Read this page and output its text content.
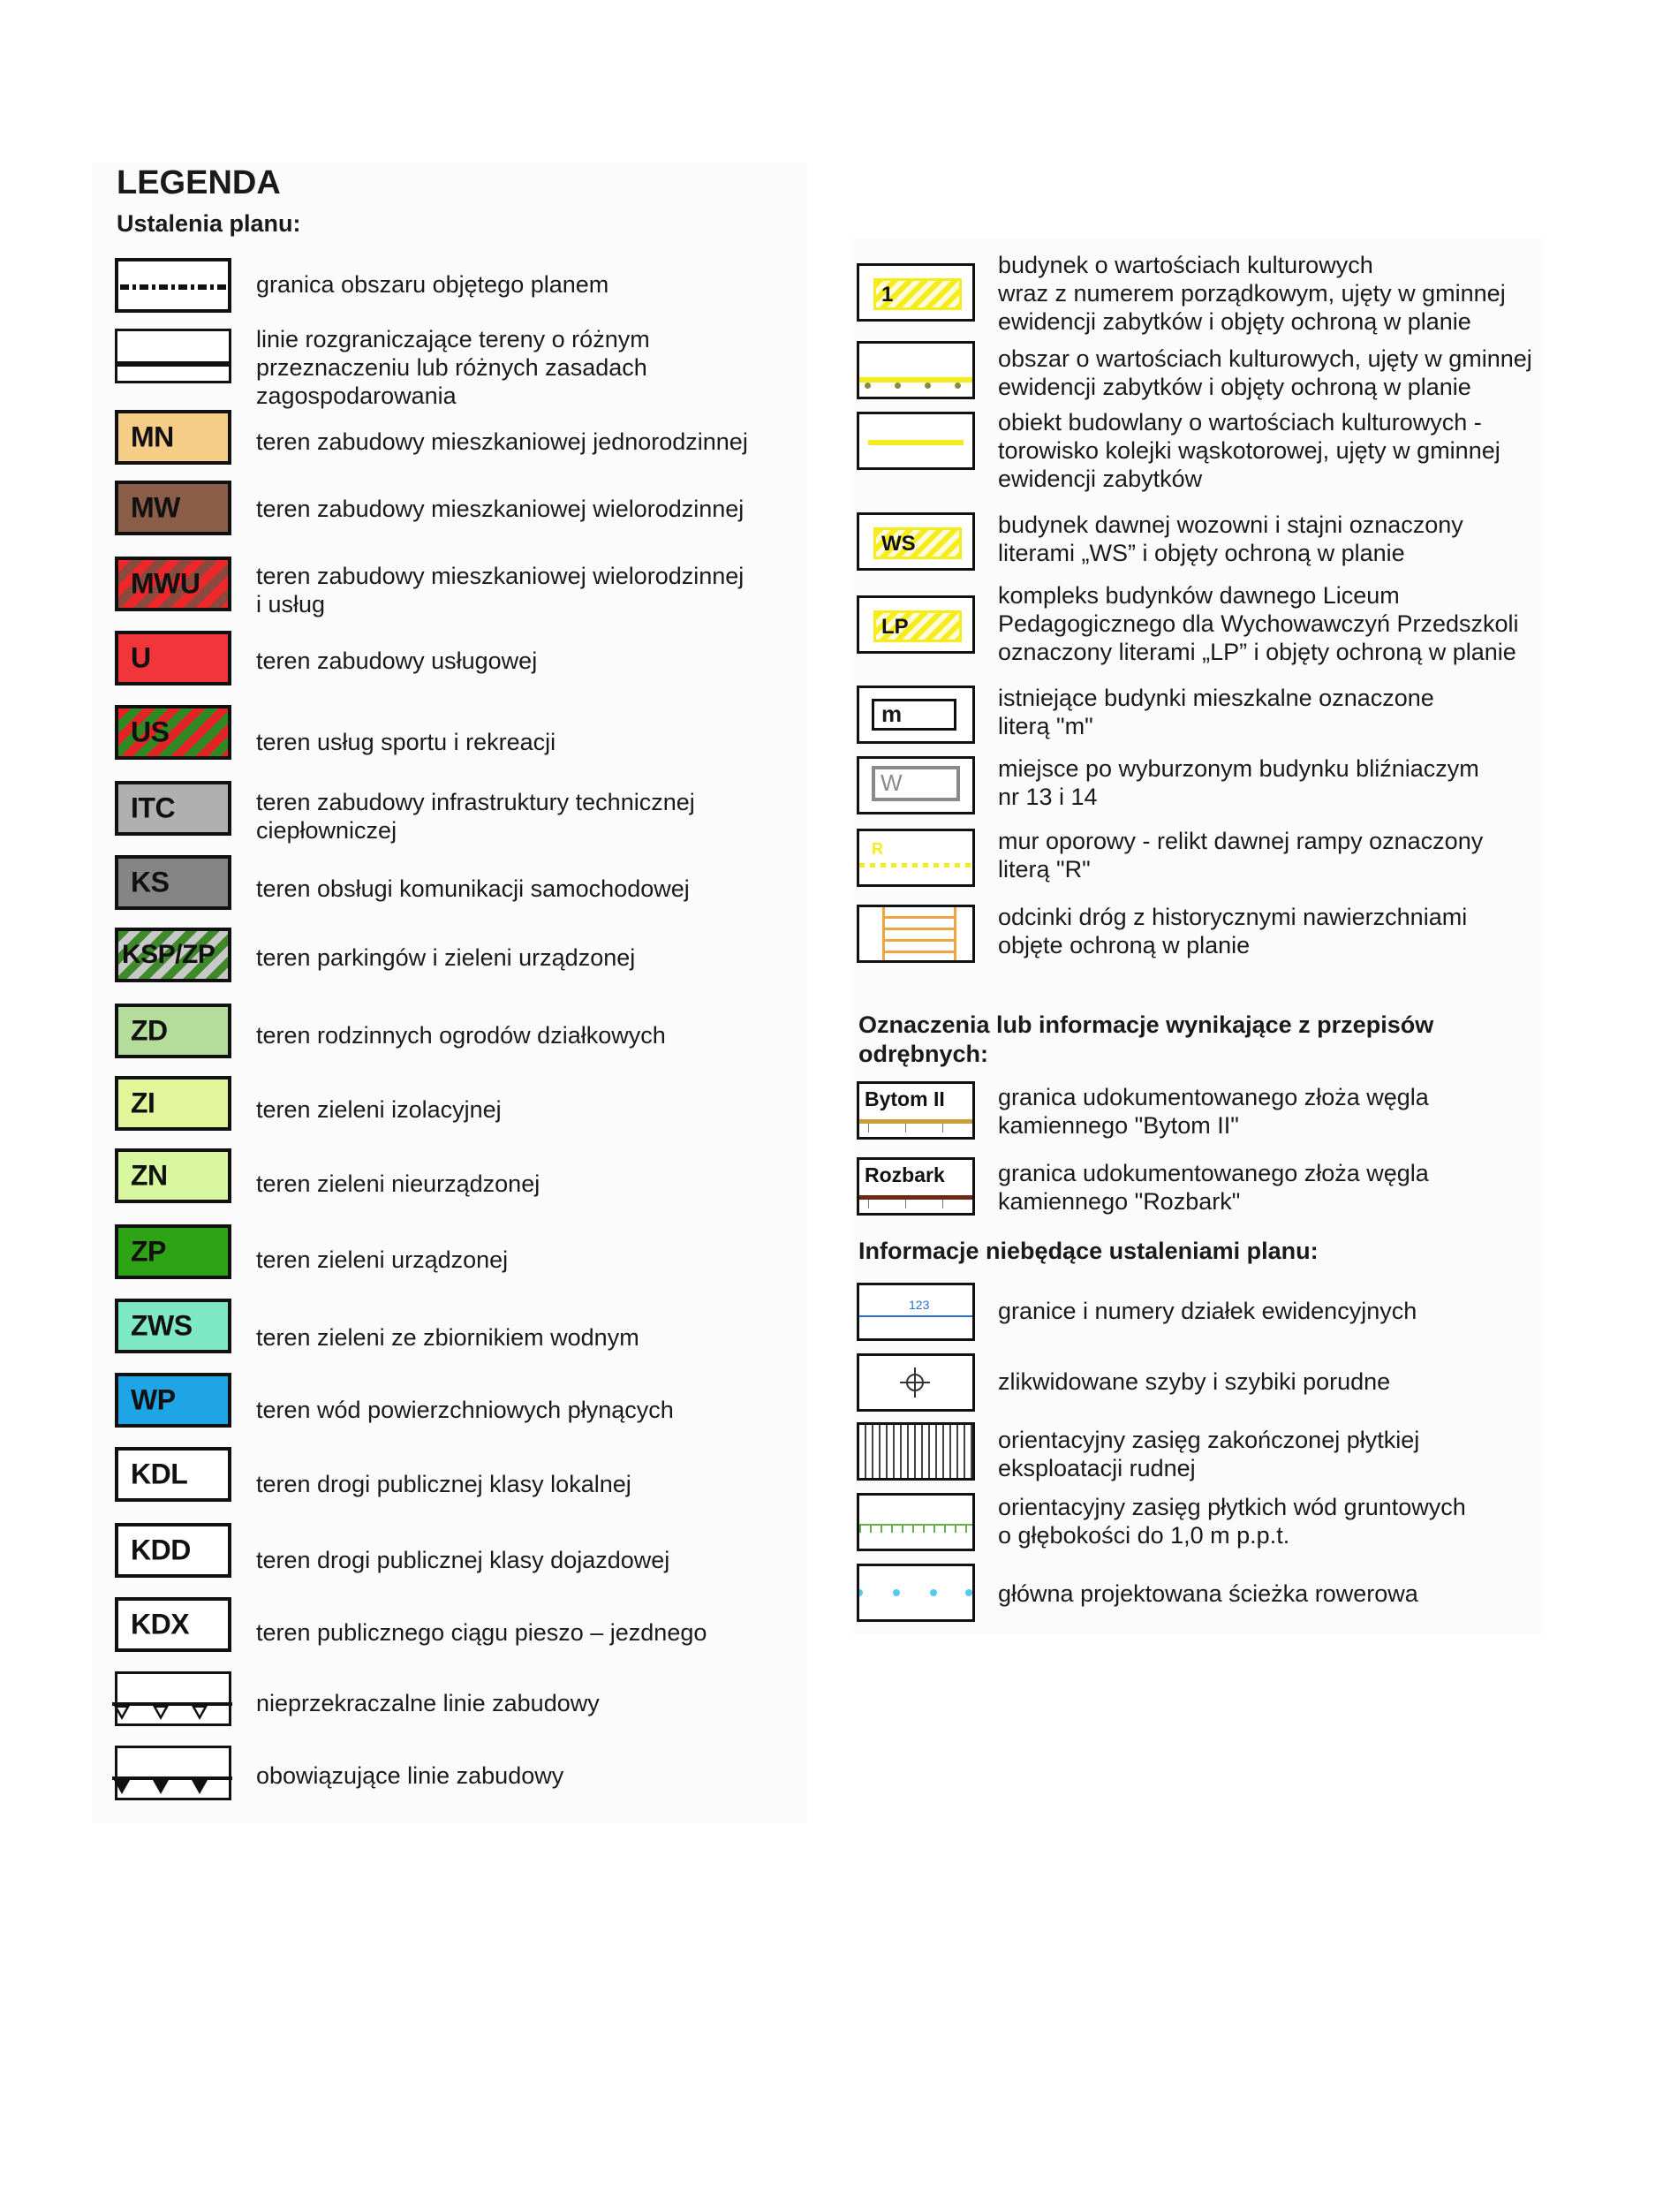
LEGENDA
Ustalenia planu:
granica obszaru objętego planem
linie rozgraniczające tereny o różnym
przeznaczeniu lub różnych zasadach
zagospodarowania
MN	teren zabudowy mieszkaniowej jednorodzinnej
MW	teren zabudowy mieszkaniowej wielorodzinnej
MWU teren zabudowy mieszkaniowej wielorodzinnej
i usług
U	teren zabudowy usługowej
US	teren usług sportu i rekreacji
ITC	teren zabudowy infrastruktury technicznej
ciepłowniczej
KS	teren obsługi komunikacji samochodowej
KSP/ZP teren parkingów i zieleni urządzonej
ZD	teren rodzinnych ogrodów działkowych
ZI	teren zieleni izolacyjnej
ZN	teren zieleni nieurządzonej
ZP	teren zieleni urządzonej
ZWS	teren zieleni ze zbiornikiem wodnym
WP	teren wód powierzchniowych płynących
KDL	teren drogi publicznej klasy lokalnej
KDD	teren drogi publicznej klasy dojazdowej
KDX	teren publicznego ciągu pieszo – jezdnego
nieprzekraczalne linie zabudowy
obowiązujące linie zabudowy
1
budynek o wartościach kulturowych
wraz z numerem porządkowym, ujęty w gminnej
ewidencji zabytków i objęty ochroną w planie
obszar o wartościach kulturowych, ujęty w gminnej
ewidencji zabytków i objęty ochroną w planie
obiekt budowlany o wartościach kulturowych -
torowisko kolejki wąskotorowej, ujęty w gminnej
ewidencji zabytków
WS
budynek dawnej wozowni i stajni oznaczony
literami „WS” i objęty ochroną w planie
LP
kompleks budynków dawnego Liceum
Pedagogicznego dla Wychowawczyń Przedszkoli
oznaczony literami „LP” i objęty ochroną w planie
m
istniejące budynki mieszkalne oznaczone
literą "m"
W
miejsce po wyburzonym budynku bliźniaczym
nr 13 i 14
R	mur oporowy - relikt dawnej rampy oznaczony
literą "R"
odcinki dróg z historycznymi nawierzchniami
objęte ochroną w planie
Bytom II granica udokumentowanego złoża węgla
kamiennego "Bytom II"
Rozbark granica udokumentowanego złoża węgla
kamiennego "Rozbark"
123	granice i numery działek ewidencyjnych
zlikwidowane szyby i szybiki porudne
orientacyjny zasięg zakończonej płytkiej
eksploatacji rudnej
orientacyjny zasięg płytkich wód gruntowych
o głębokości do 1,0 m p.p.t.
główna projektowana ścieżka rowerowa
Oznaczenia lub informacje wynikające z przepisów
odrębnych:
Informacje niebędące ustaleniami planu:
